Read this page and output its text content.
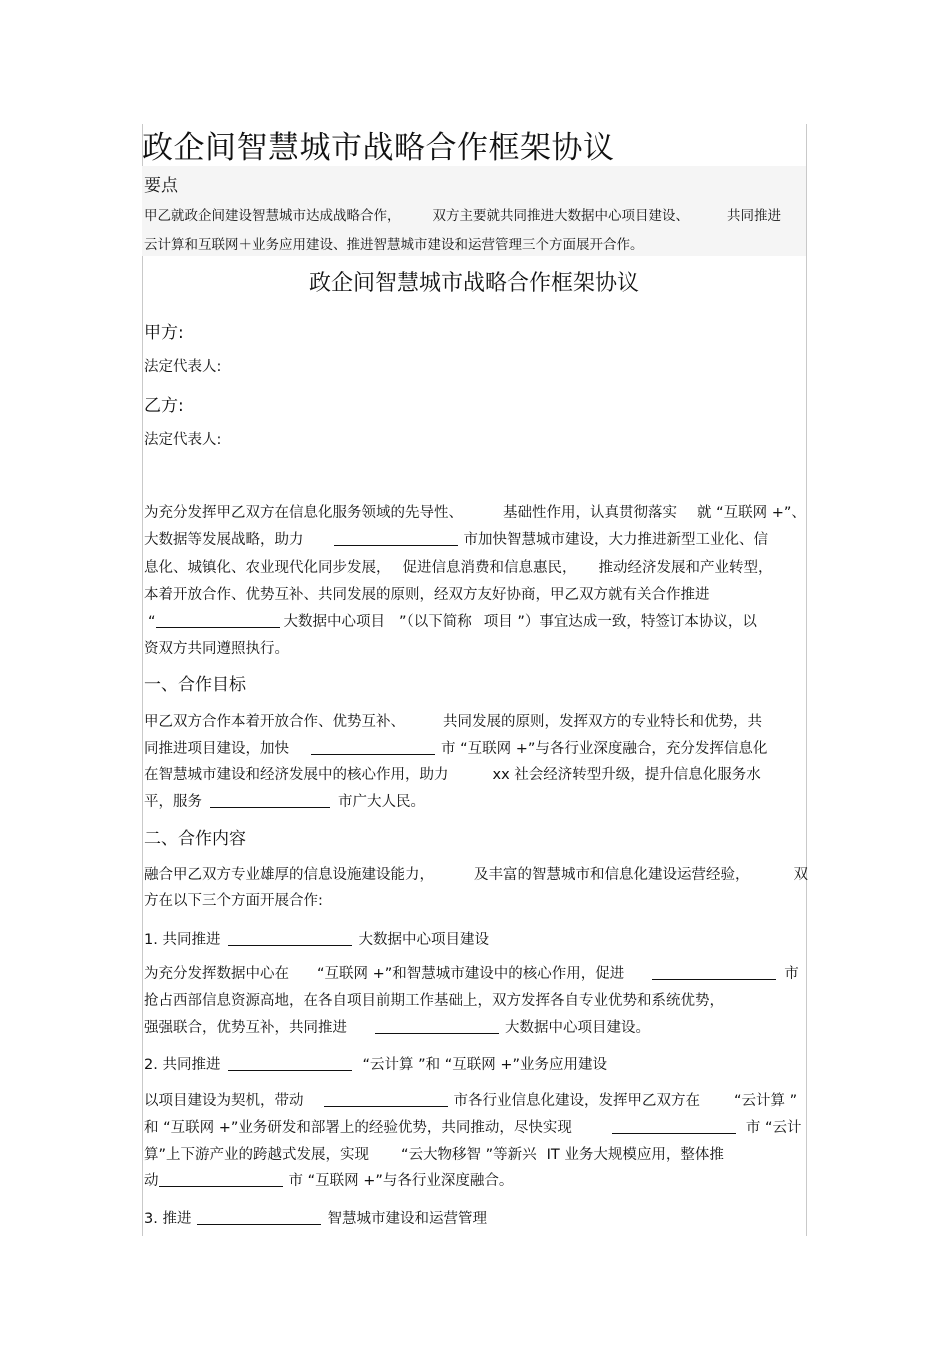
政企间智慧城市战略合作框架协议
要点
甲乙就政企间建设智慧城市达成战略合作， 双方主要就共同推进大数据中心项目建设、	共同推进
云计算和互联网＋业务应用建设、推进智慧城市建设和运营管理三个方面展开合作。
政企间智慧城市战略合作框架协议
甲方:
法定代表人:
乙方:
法定代表人:
为充分发挥甲乙双方在信息化服务领域的先导性、	基础性作用，认真贯彻落实 就 “互联网 +”、
大数据等发展战略，助力	市加快智慧城市建设，大力推进新型工业化、信
息化、城镇化、农业现代化同步发展， 促进信息消费和信息惠民， 推动经济发展和产业转型，
本着开放合作、优势互补、共同发展的原则，经双方友好协商，甲乙双方就有关合作推进
“	大数据中心项目 ”（以下简称 项目 ”）事宜达成一致，特签订本协议，以
资双方共同遵照执行。
一、合作目标
甲乙双方合作本着开放合作、优势互补、	共同发展的原则，发挥双方的专业特长和优势，共
同推进项目建设，加快	市 “互联网 +”与各行业深度融合，充分发挥信息化
在智慧城市建设和经济发展中的核心作用，助力	xx 社会经济转型升级，提升信息化服务水
平，服务	市广大人民。
二、合作内容
融合甲乙双方专业雄厚的信息设施建设能力，	及丰富的智慧城市和信息化建设运营经验，	双
方在以下三个方面开展合作:
1. 共同推进	大数据中心项目建设
为充分发挥数据中心在 “互联网 +”和智慧城市建设中的核心作用，促进	市
抢占西部信息资源高地，在各自项目前期工作基础上，双方发挥各自专业优势和系统优势，
强强联合，优势互补，共同推进	大数据中心项目建设。
2. 共同推进	“云计算 ”和 “互联网 +”业务应用建设
以项目建设为契机，带动	市各行业信息化建设，发挥甲乙双方在 “云计算 ”
和 “互联网 +”业务研发和部署上的经验优势，共同推动，尽快实现	市 “云计
算”上下游产业的跨越式发展，实现 “云大物移智 ”等新兴 IT 业务大规模应用，整体推
动	市 “互联网 +”与各行业深度融合。
3. 推进	智慧城市建设和运营管理
